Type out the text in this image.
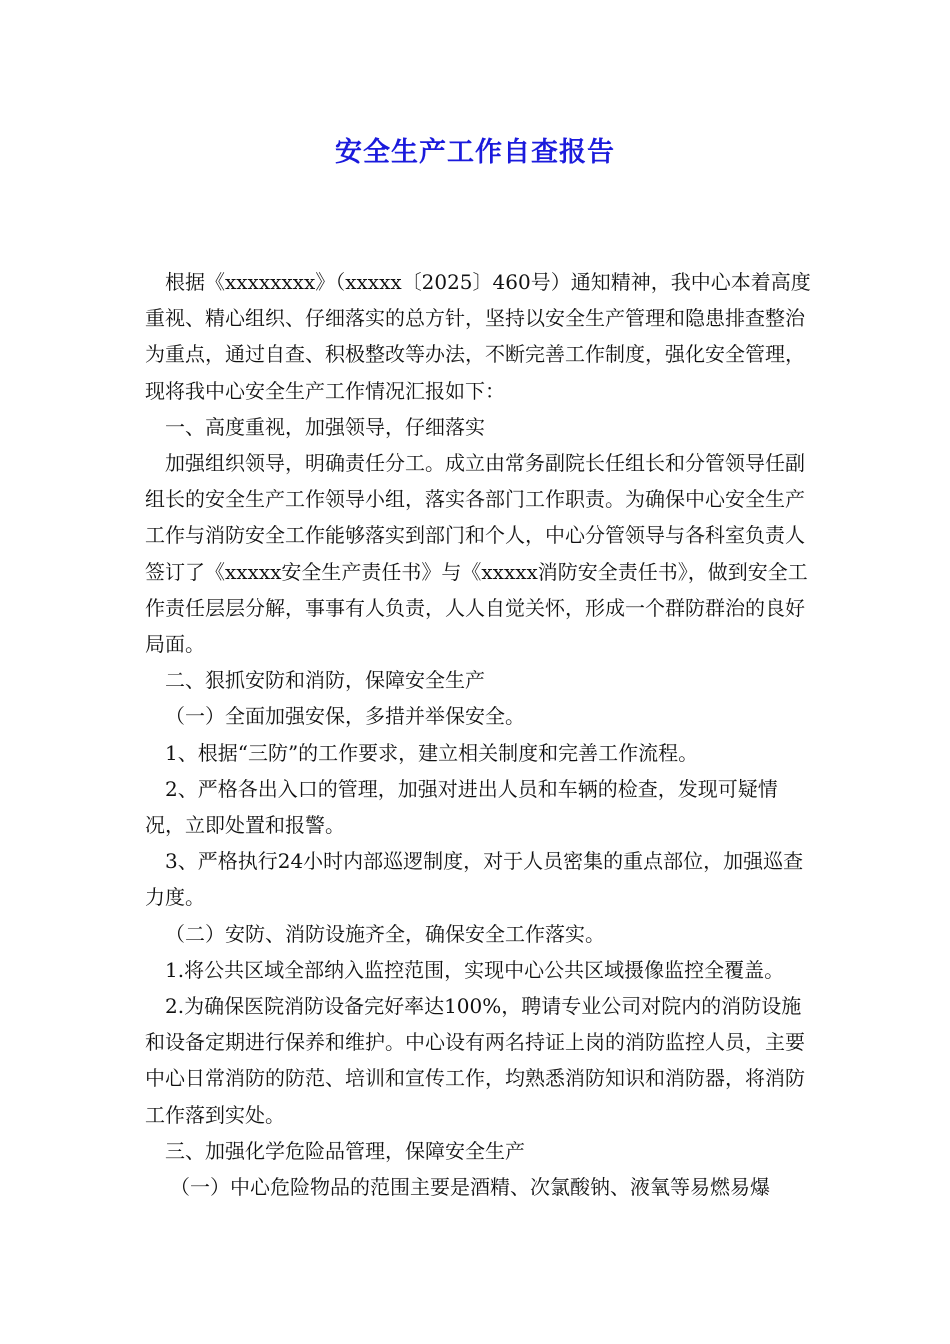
安全生产工作自查报告

根据《xxxxxxxx》（xxxxx〔2025〕460号）通知精神，我中心本着高度重视、精心组织、仔细落实的总方针，坚持以安全生产管理和隐患排查整治为重点，通过自查、积极整改等办法，不断完善工作制度，强化安全管理，现将我中心安全生产工作情况汇报如下：

一、高度重视，加强领导，仔细落实

加强组织领导，明确责任分工。成立由常务副院长任组长和分管领导任副组长的安全生产工作领导小组，落实各部门工作职责。为确保中心安全生产工作与消防安全工作能够落实到部门和个人，中心分管领导与各科室负责人签订了《xxxxx安全生产责任书》与《xxxxx消防安全责任书》，做到安全工作责任层层分解，事事有人负责，人人自觉关怀，形成一个群防群治的良好局面。

二、狠抓安防和消防，保障安全生产

（一）全面加强安保，多措并举保安全。

1、根据“三防”的工作要求，建立相关制度和完善工作流程。

2、严格各出入口的管理，加强对进出人员和车辆的检查，发现可疑情况，立即处置和报警。

3、严格执行24小时内部巡逻制度，对于人员密集的重点部位，加强巡查力度。

（二）安防、消防设施齐全，确保安全工作落实。

1.将公共区域全部纳入监控范围，实现中心公共区域摄像监控全覆盖。

2.为确保医院消防设备完好率达100%，聘请专业公司对院内的消防设施和设备定期进行保养和维护。中心设有两名持证上岗的消防监控人员，主要中心日常消防的防范、培训和宣传工作，均熟悉消防知识和消防器，将消防工作落到实处。

三、加强化学危险品管理，保障安全生产

（一）中心危险物品的范围主要是酒精、次氯酸钠、液氧等易燃易爆
